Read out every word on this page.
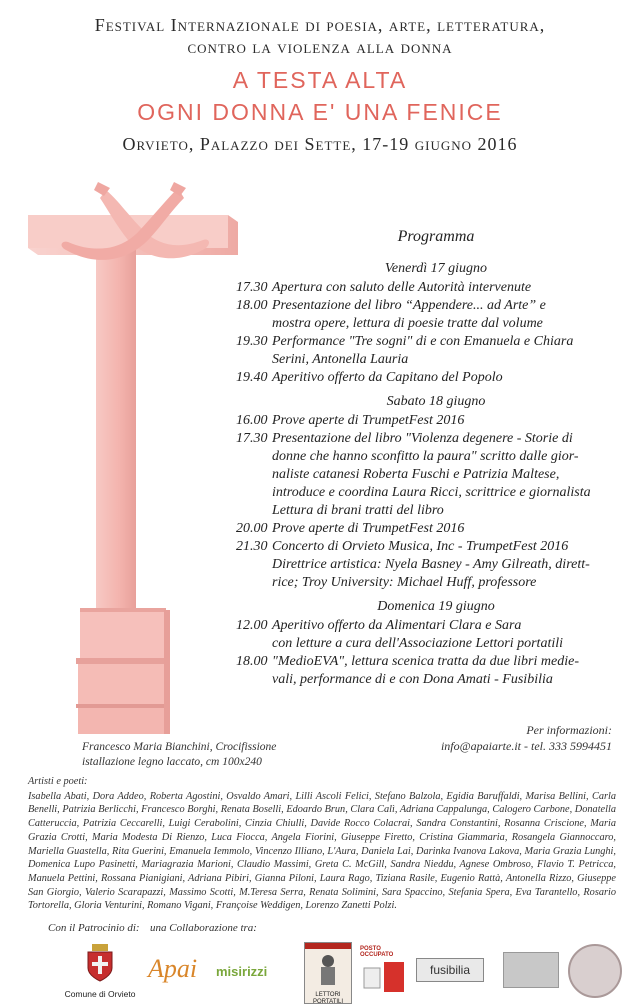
Festival Internazionale di poesia, arte, letteratura,
contro la violenza alla donna
A TESTA ALTA
OGNI DONNA E' UNA FENICE
Orvieto, Palazzo dei Sette, 17-19 giugno 2016
Francesco Maria Bianchini, Crocifissione
istallazione legno laccato, cm 100x240
Programma
Venerdì 17 giugno
17.30 Apertura con saluto delle Autorità intervenute
18.00 Presentazione del libro “Appendere... ad Arte” e
mostra opere, lettura di poesie tratte dal volume
19.30 Performance "Tre sogni" di e con Emanuela e Chiara
Serini, Antonella Lauria
19.40 Aperitivo offerto da Capitano del Popolo
Sabato 18 giugno
16.00 Prove aperte di TrumpetFest 2016
17.30 Presentazione del libro "Violenza degenere - Storie di
donne che hanno sconfitto la paura" scritto dalle gior-
naliste catanesi Roberta Fuschi e Patrizia Maltese,
introduce e coordina Laura Ricci, scrittrice e giornalista
Lettura di brani tratti del libro
20.00 Prove aperte di TrumpetFest 2016
21.30 Concerto di Orvieto Musica, Inc - TrumpetFest 2016
Direttrice artistica: Nyela Basney - Amy Gilreath, dirett-
rice; Troy University: Michael Huff, professore
Domenica 19 giugno
12.00 Aperitivo offerto da Alimentari Clara e Sara
con letture a cura dell'Associazione Lettori portatili
18.00 "MedioEVA", lettura scenica tratta da due libri medie-
vali, performance di e con Dona Amati - Fusibilia
Per informazioni:
info@apaiarte.it - tel. 333 5994451
Artisti e poeti:
Isabella Abati, Dora Addeo, Roberta Agostini, Osvaldo Amari, Lilli Ascoli Felici, Stefano Balzola, Egidia Baruffaldi, Marisa Bellini, Carla Benelli, Patrizia Berlicchi, Francesco Borghi, Renata Boselli, Edoardo Brun, Clara Calì, Adriana Cappalunga, Calogero Carbone, Donatella Catteruccia, Patrizia Ceccarelli, Luigi Cerabolini, Cinzia Chiulli, Davide Rocco Colacrai, Sandra Constantini, Rosanna Criscione, Maria Grazia Crotti, Maria Modesta Di Rienzo, Luca Fiocca, Angela Fiorini, Giuseppe Firetto, Cristina Giammaria, Rosangela Giannoccaro, Mariella Guastella, Rita Guerini, Emanuela Iemmolo, Vincenzo Illiano, L'Aura, Daniela Lai, Darinka Ivanova Lakova, Maria Grazia Lunghi, Domenica Lupo Pasinetti, Mariagrazia Marioni, Claudio Massimi, Greta C. McGill, Sandra Nieddu, Agnese Ombroso, Flavio T. Petricca, Manuela Pettini, Rossana Pianigiani, Adriana Pibiri, Gianna Piloni, Laura Rago, Tiziana Rasile, Eugenio Rattà, Antonella Rizzo, Giuseppe San Giorgio, Valerio Scarapazzi, Massimo Scotti, M.Teresa Serra, Renata Solimini, Sara Spaccino, Stefania Spera, Eva Tarantello, Rosario Tortorella, Gloria Venturini, Romano Vigani, Françoise Weddigen, Lorenzo Zanetti Polzi.
Con il Patrocinio di: una Collaborazione tra:
Comune di Orvieto
Apai misirizzi
LETTORI PORTATILI
POSTO OCCUPATO
fusibilia
